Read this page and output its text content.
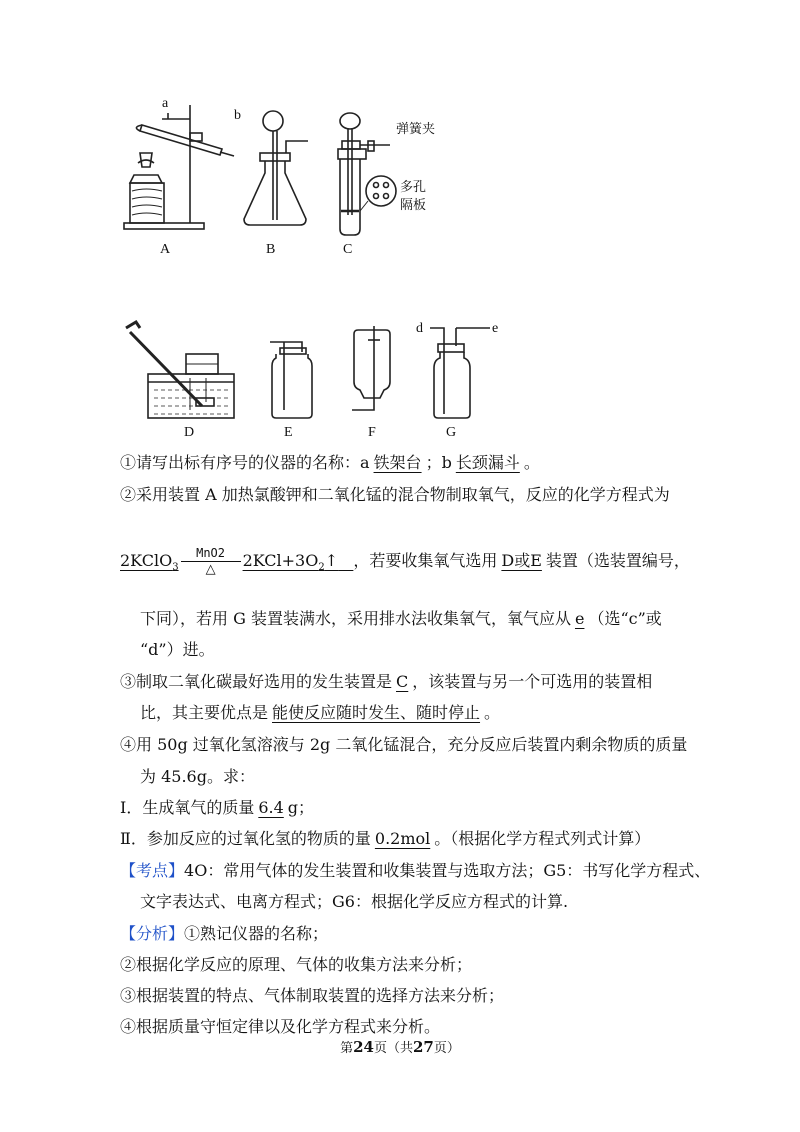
a
b
弹簧夹
多孔
隔板
A	B	C
D	E	F	G
d	e
①请写出标有序号的仪器的名称：a 铁架台 ；b 长颈漏斗 。
②采用装置 A 加热氯酸钾和二氧化锰的混合物制取氧气，反应的化学方程式为
2KClO$_3$ $\frac{\text{MnO2}}{\triangle}$ $2KCl+3O_2↑$ ，若要收集氧气选用 D或E 装置（选装置编号，
下同），若用 G 装置装满水，采用排水法收集氧气，氧气应从 e （选“c”或
“d”）进。
③制取二氧化碳最好选用的发生装置是 C ，该装置与另一个可选用的装置相
比，其主要优点是 能使反应随时发生、随时停止 。
④用 50g 过氧化氢溶液与 2g 二氧化锰混合，充分反应后装置内剩余物质的质量
为 45.6g。求：
Ⅰ．生成氧气的质量 6.4 g；
Ⅱ．参加反应的过氧化氢的物质的量 0.2mol 。（根据化学方程式列式计算）
【考点】4O：常用气体的发生装置和收集装置与选取方法；G5：书写化学方程式、
文字表达式、电离方程式；G6：根据化学反应方程式的计算.
【分析】①熟记仪器的名称；
②根据化学反应的原理、气体的收集方法来分析；
③根据装置的特点、气体制取装置的选择方法来分析；
④根据质量守恒定律以及化学方程式来分析。
第24页（共27页）
